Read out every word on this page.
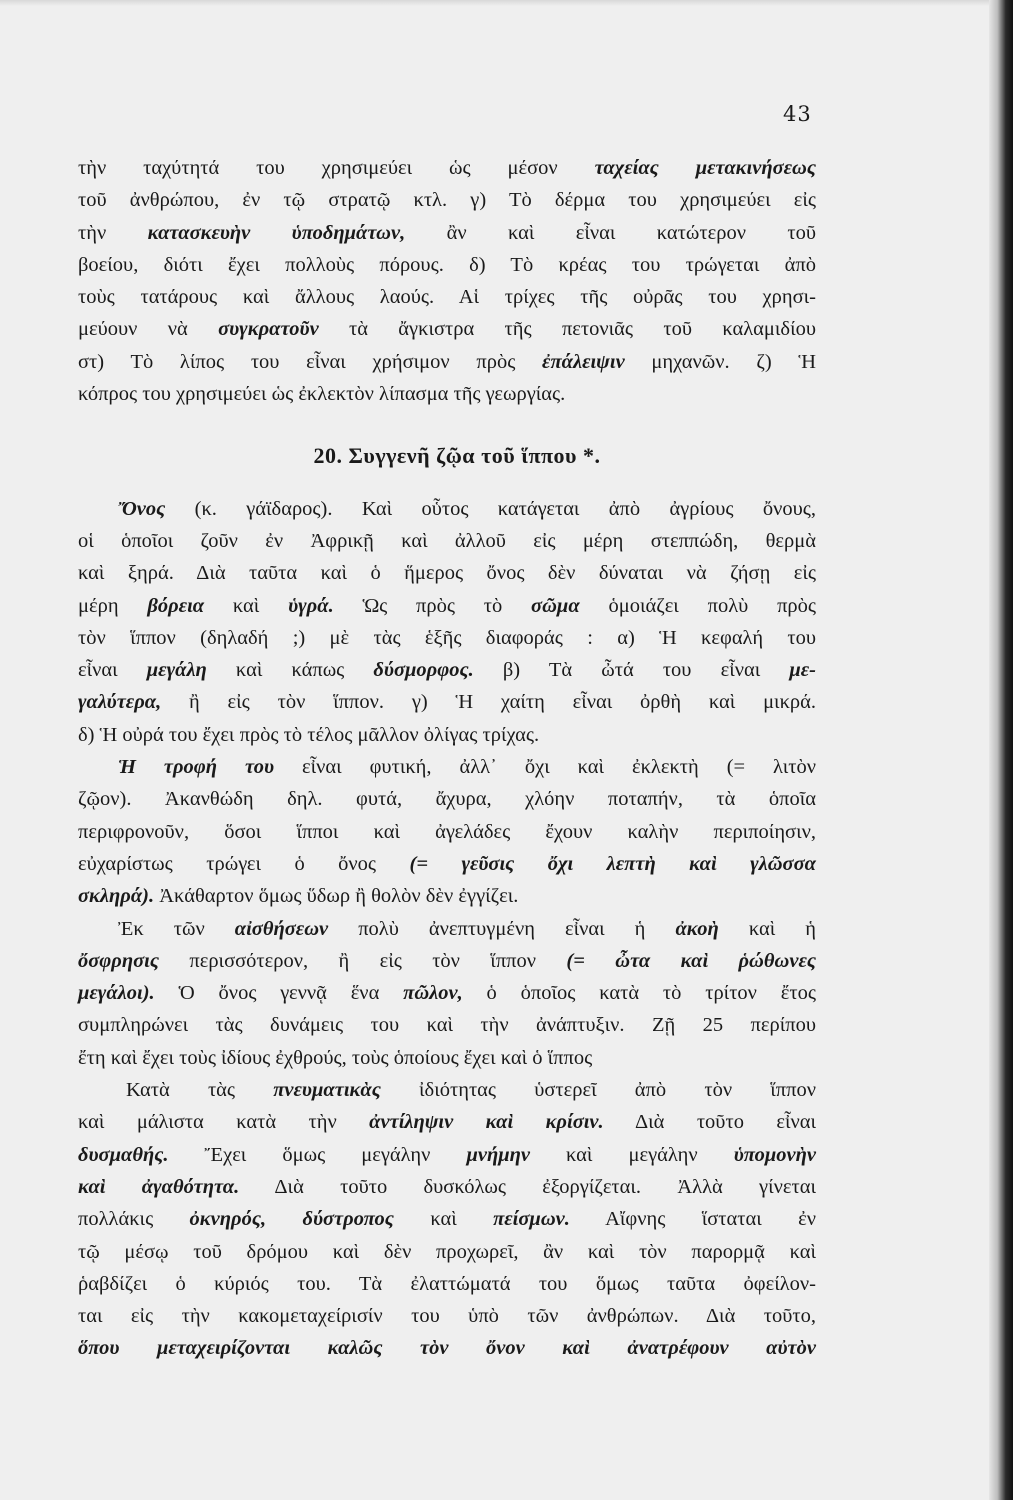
43
τὴν ταχύτητά του χρησιμεύει ὡς μέσον ταχείας μετακινήσεως
τοῦ ἀνθρώπου, ἐν τῷ στρατῷ κτλ. γ) Τὸ δέρμα του χρησιμεύει εἰς
τὴν κατασκευὴν ὑποδημάτων, ἂν καὶ εἶναι κατώτερον τοῦ
βοείου, διότι ἔχει πολλοὺς πόρους. δ) Τὸ κρέας του τρώγεται ἀπὸ
τοὺς τατάρους καὶ ἄλλους λαούς. Αἱ τρίχες τῆς οὐρᾶς του χρησι-
μεύουν νὰ συγκρατοῦν τὰ ἄγκιστρα τῆς πετονιᾶς τοῦ καλαμιδίου
στ) Τὸ λίπος του εἶναι χρήσιμον πρὸς ἐπάλειψιν μηχανῶν. ζ) Ἡ
κόπρος του χρησιμεύει ὡς ἐκλεκτὸν λίπασμα τῆς γεωργίας.
20. Συγγενῆ ζῷα τοῦ ἵππου *.
Ὄνος (κ. γάϊδαρος). Καὶ οὗτος κατάγεται ἀπὸ ἀγρίους ὄνους,
οἱ ὁποῖοι ζοῦν ἐν Ἀφρικῇ καὶ ἀλλοῦ εἰς μέρη στεππώδη, θερμὰ
καὶ ξηρά. Διὰ ταῦτα καὶ ὁ ἥμερος ὄνος δὲν δύναται νὰ ζήσῃ εἰς
μέρη βόρεια καὶ ὑγρά. Ὡς πρὸς τὸ σῶμα ὁμοιάζει πολὺ πρὸς
τὸν ἵππον (δηλαδή ;) μὲ τὰς ἑξῆς διαφοράς : α) Ἡ κεφαλή του
εἶναι μεγάλη καὶ κάπως δύσμορφος. β) Τὰ ὦτά του εἶναι με-
γαλύτερα, ἢ εἰς τὸν ἵππον. γ) Ἡ χαίτη εἶναι ὀρθὴ καὶ μικρά.
δ) Ἡ οὐρά του ἔχει πρὸς τὸ τέλος μᾶλλον ὀλίγας τρίχας.
Ἡ τροφή του εἶναι φυτική, ἀλλ᾽ ὄχι καὶ ἐκλεκτὴ (= λιτὸν
ζῷον). Ἀκανθώδη δηλ. φυτά, ἄχυρα, χλόην ποταπήν, τὰ ὁποῖα
περιφρονοῦν, ὅσοι ἵπποι καὶ ἀγελάδες ἔχουν καλὴν περιποίησιν,
εὐχαρίστως τρώγει ὁ ὄνος (= γεῦσις ὄχι λεπτὴ καὶ γλῶσσα
σκληρά). Ἀκάθαρτον ὅμως ὕδωρ ἢ θολὸν δὲν ἐγγίζει.
Ἐκ τῶν αἰσθήσεων πολὺ ἀνεπτυγμένη εἶναι ἡ ἀκοὴ καὶ ἡ
ὄσφρησις περισσότερον, ἢ εἰς τὸν ἵππον (= ὦτα καὶ ῥώθωνες
μεγάλοι). Ὁ ὄνος γεννᾷ ἕνα πῶλον, ὁ ὁποῖος κατὰ τὸ τρίτον ἔτος
συμπληρώνει τὰς δυνάμεις του καὶ τὴν ἀνάπτυξιν. Ζῇ 25 περίπου
ἔτη καὶ ἔχει τοὺς ἰδίους ἐχθρούς, τοὺς ὁποίους ἔχει καὶ ὁ ἵππος
Κατὰ τὰς πνευματικὰς ἰδιότητας ὑστερεῖ ἀπὸ τὸν ἵππον
καὶ μάλιστα κατὰ τὴν ἀντίληψιν καὶ κρίσιν. Διὰ τοῦτο εἶναι
δυσμαθής. Ἔχει ὅμως μεγάλην μνήμην καὶ μεγάλην ὑπομονὴν
καὶ ἀγαθότητα. Διὰ τοῦτο δυσκόλως ἐξοργίζεται. Ἀλλὰ γίνεται
πολλάκις ὀκνηρός, δύστροπος καὶ πείσμων. Αἴφνης ἵσταται ἐν
τῷ μέσῳ τοῦ δρόμου καὶ δὲν προχωρεῖ, ἂν καὶ τὸν παρορμᾷ καὶ
ῥαβδίζει ὁ κύριός του. Τὰ ἐλαττώματά του ὅμως ταῦτα ὀφείλον-
ται εἰς τὴν κακομεταχείρισίν του ὑπὸ τῶν ἀνθρώπων. Διὰ τοῦτο,
ὅπου μεταχειρίζονται καλῶς τὸν ὄνον καὶ ἀνατρέφουν αὐτὸν
